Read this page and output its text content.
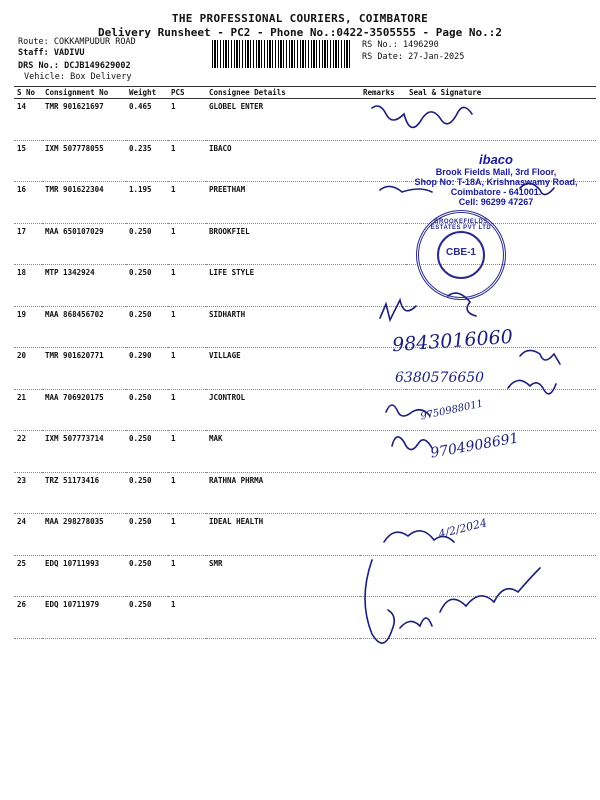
THE PROFESSIONAL COURIERS, COIMBATORE
Delivery Runsheet - PC2 - Phone No.:0422-3505555 - Page No.:2
Route: COKKAMPUDUR ROAD
Staff: VADIVU
DRS No.: DCJB149629002
Vehicle: Box Delivery
RS No.: 1496290
RS Date: 27-Jan-2025
S No	Consignment No	Weight	PCS	Consignee Details	Remarks	Seal & Signature
14	TMR 901621697	0.465	1	GLOBEL ENTER		
15	IXM 507778055	0.235	1	IBACO		
16	TMR 901622304	1.195	1	PREETHAM		
17	MAA 650107029	0.250	1	BROOKFIEL		
18	MTP 1342924	0.250	1	LIFE STYLE		
19	MAA 868456702	0.250	1	SIDHARTH		
20	TMR 901620771	0.290	1	VILLAGE		
21	MAA 706920175	0.250	1	JCONTROL		
22	IXM 507773714	0.250	1	MAK		
23	TRZ 51173416	0.250	1	RATHNA PHRMA		
24	MAA 298278035	0.250	1	IDEAL HEALTH		
25	EDQ 10711993	0.250	1	SMR		
26	EDQ 10711979	0.250	1			
ibaco
Brook Fields Mall, 3rd Floor,
Shop No: T-18A, Krishnaswamy Road,
Coimbatore - 641001.
Cell: 96299 47267
BROOKEFIELDS ESTATES PVT LTD
CBE-1
9843016060
6380576650
9750988011
9704908691
4/2/2024
